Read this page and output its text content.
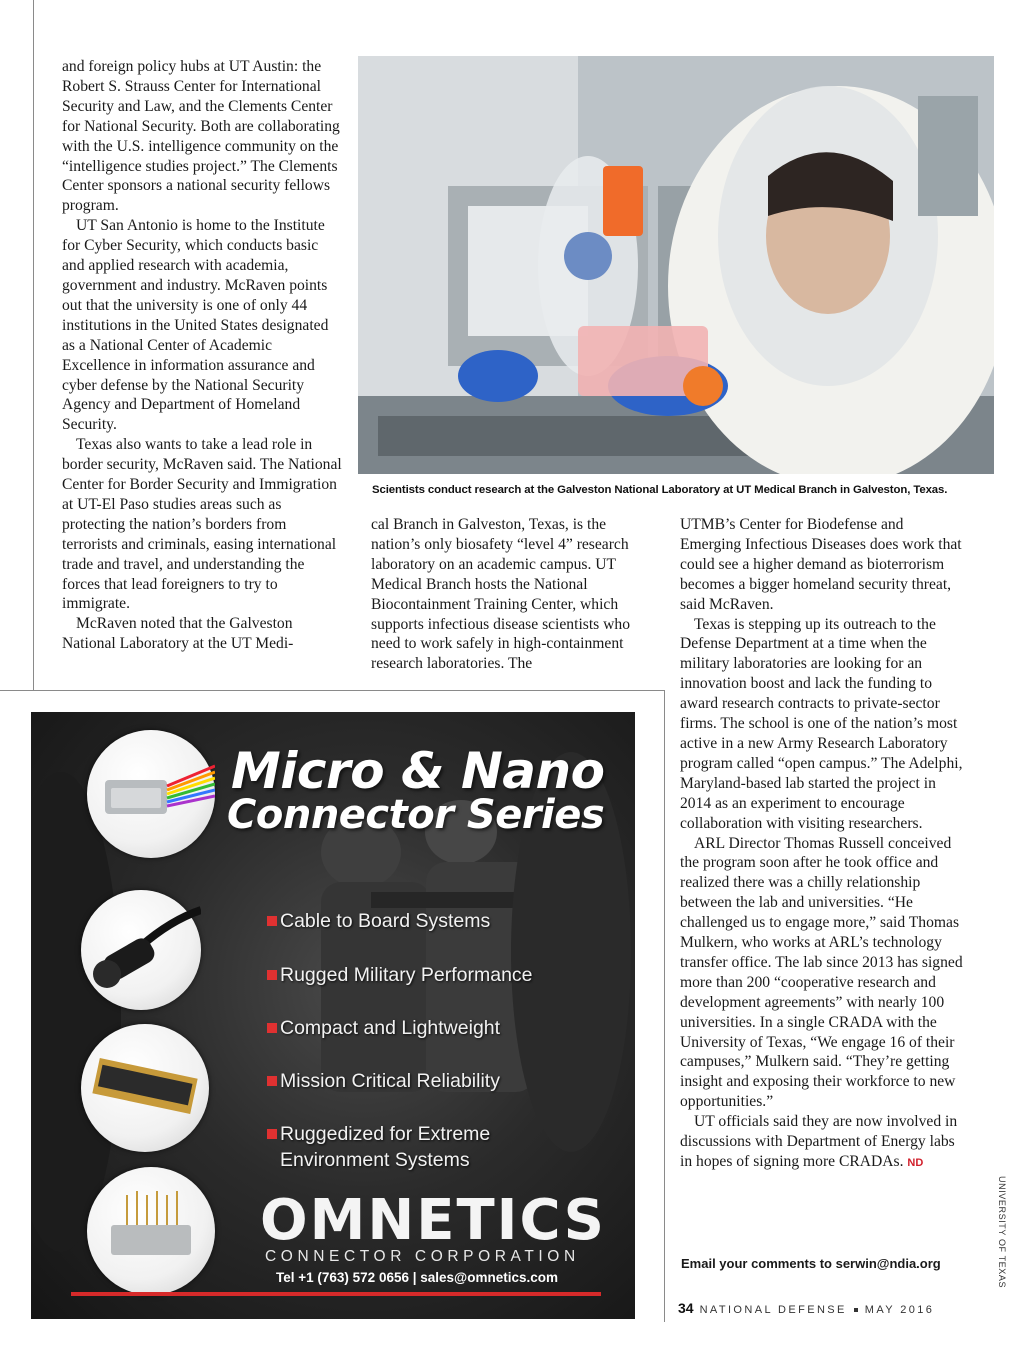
and foreign policy hubs at UT Austin: the Robert S. Strauss Center for International Security and Law, and the Clements Center for National Security. Both are collaborating with the U.S. intelligence community on the “intelligence studies project.” The Clements Center sponsors a national security fellows program.

UT San Antonio is home to the Institute for Cyber Security, which conducts basic and applied research with academia, government and industry. McRaven points out that the university is one of only 44 institutions in the United States designated as a National Center of Academic Excellence in information assurance and cyber defense by the National Security Agency and Department of Homeland Security.

Texas also wants to take a lead role in border security, McRaven said. The National Center for Border Security and Immigration at UT-El Paso studies areas such as protecting the nation’s borders from terrorists and criminals, easing international trade and travel, and understanding the forces that lead foreigners to try to immigrate.

McRaven noted that the Galveston National Laboratory at the UT Medi-

Scientists conduct research at the Galveston National Laboratory at UT Medical Branch in Galveston, Texas.

cal Branch in Galveston, Texas, is the nation’s only biosafety “level 4” research laboratory on an academic campus. UT Medical Branch hosts the National Biocontainment Training Center, which supports infectious disease scientists who need to work safely in high-containment research laboratories. The

UTMB’s Center for Biodefense and Emerging Infectious Diseases does work that could see a higher demand as bioterrorism becomes a bigger homeland security threat, said McRaven.

Texas is stepping up its outreach to the Defense Department at a time when the military laboratories are looking for an innovation boost and lack the funding to award research contracts to private-sector firms. The school is one of the nation’s most active in a new Army Research Laboratory program called “open campus.” The Adelphi, Maryland-based lab started the project in 2014 as an experiment to encourage collaboration with visiting researchers.

ARL Director Thomas Russell conceived the program soon after he took office and realized there was a chilly relationship between the lab and universities. “He challenged us to engage more,” said Thomas Mulkern, who works at ARL’s technology transfer office. The lab since 2013 has signed more than 200 “cooperative research and development agreements” with nearly 100 universities. In a single CRADA with the University of Texas, “We engage 16 of their campuses,” Mulkern said. “They’re getting insight and exposing their workforce to new opportunities.”

UT officials said they are now involved in discussions with Department of Energy labs in hopes of signing more CRADAs. ND

Email your comments to serwin@ndia.org
Micro & Nano
Connector Series
Cable to Board Systems
Rugged Military Performance
Compact and Lightweight
Mission Critical Reliability
Ruggedized for Extreme
Environment Systems
OMNETICS
CONNECTOR CORPORATION
Tel +1 (763) 572 0656 | sales@omnetics.com	UNIVERSITY OF TEXAS
34 NATIONAL DEFENSE MAY 2016
